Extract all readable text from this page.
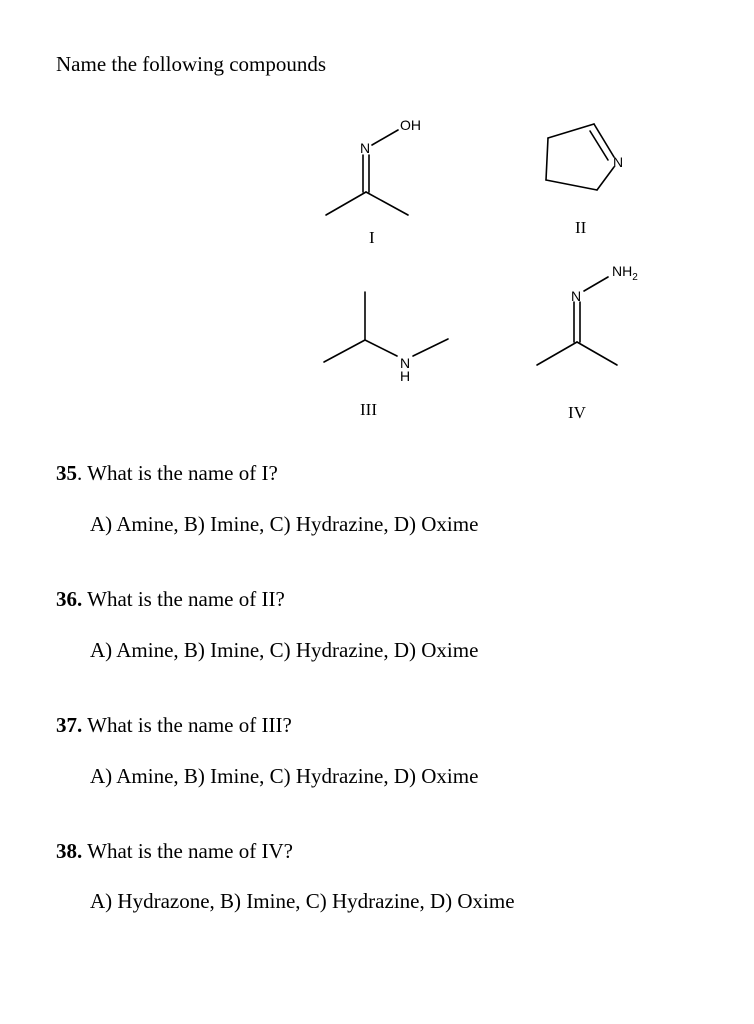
Name the following compounds
N
OH
I
N
II
N
H
III
N
$NH_2$
IV
35. What is the name of I?
A) Amine, B) Imine, C) Hydrazine, D) Oxime
36. What is the name of II?
A) Amine, B) Imine, C) Hydrazine, D) Oxime
37. What is the name of III?
A) Amine, B) Imine, C) Hydrazine, D) Oxime
38. What is the name of IV?
A) Hydrazone, B) Imine, C) Hydrazine, D) Oxime
